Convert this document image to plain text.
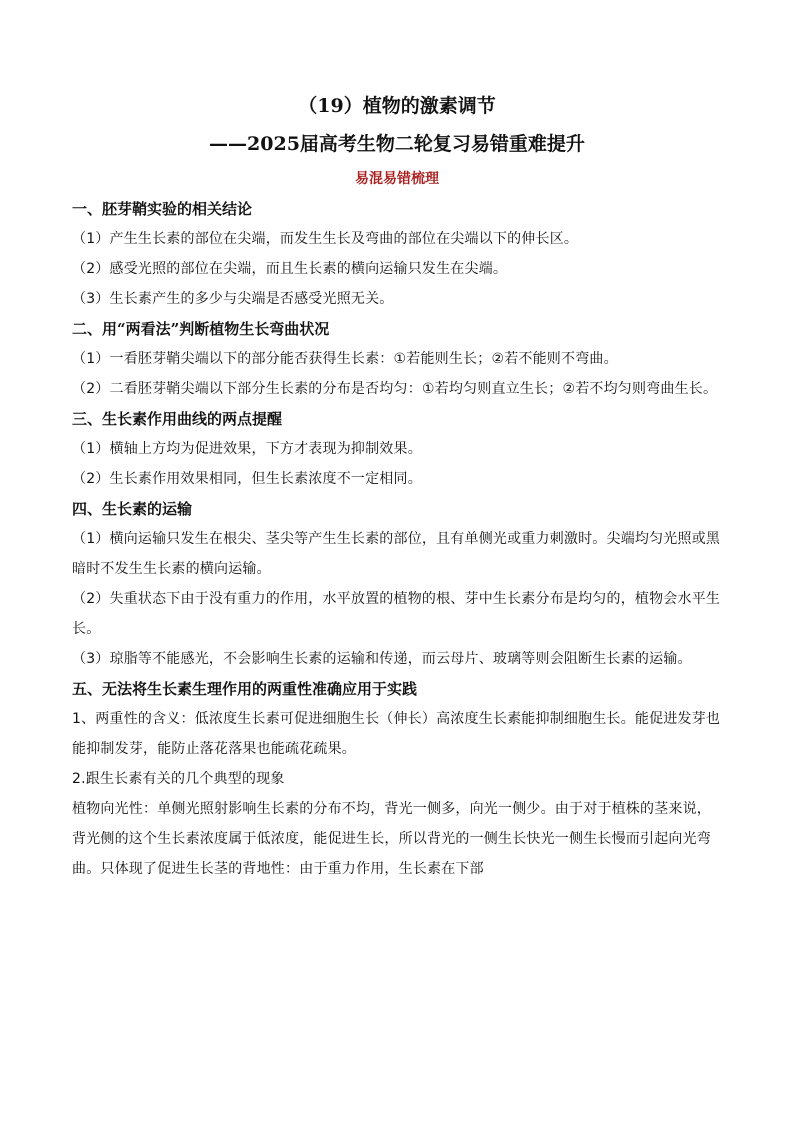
（19）植物的激素调节
——2025届高考生物二轮复习易错重难提升
易混易错梳理
一、胚芽鞘实验的相关结论

（1）产生生长素的部位在尖端，而发生生长及弯曲的部位在尖端以下的伸长区。

（2）感受光照的部位在尖端，而且生长素的横向运输只发生在尖端。

（3）生长素产生的多少与尖端是否感受光照无关。

二、用“两看法”判断植物生长弯曲状况

（1）一看胚芽鞘尖端以下的部分能否获得生长素：①若能则生长；②若不能则不弯曲。

（2）二看胚芽鞘尖端以下部分生长素的分布是否均匀：①若均匀则直立生长；②若不均匀则弯曲生长。

三、生长素作用曲线的两点提醒

（1）横轴上方均为促进效果，下方才表现为抑制效果。

（2）生长素作用效果相同，但生长素浓度不一定相同。

四、生长素的运输

（1）横向运输只发生在根尖、茎尖等产生生长素的部位，且有单侧光或重力刺激时。尖端均匀光照或黑暗时不发生生长素的横向运输。

（2）失重状态下由于没有重力的作用，水平放置的植物的根、芽中生长素分布是均匀的，植物会水平生长。

（3）琼脂等不能感光，不会影响生长素的运输和传递，而云母片、玻璃等则会阻断生长素的运输。

五、无法将生长素生理作用的两重性准确应用于实践

1、两重性的含义：低浓度生长素可促进细胞生长（伸长）高浓度生长素能抑制细胞生长。能促进发芽也能抑制发芽，能防止落花落果也能疏花疏果。

2.跟生长素有关的几个典型的现象

植物向光性：单侧光照射影响生长素的分布不均，背光一侧多，向光一侧少。由于对于植株的茎来说，背光侧的这个生长素浓度属于低浓度，能促进生长，所以背光的一侧生长快光一侧生长慢而引起向光弯曲。只体现了促进生长茎的背地性：由于重力作用，生长素在下部
